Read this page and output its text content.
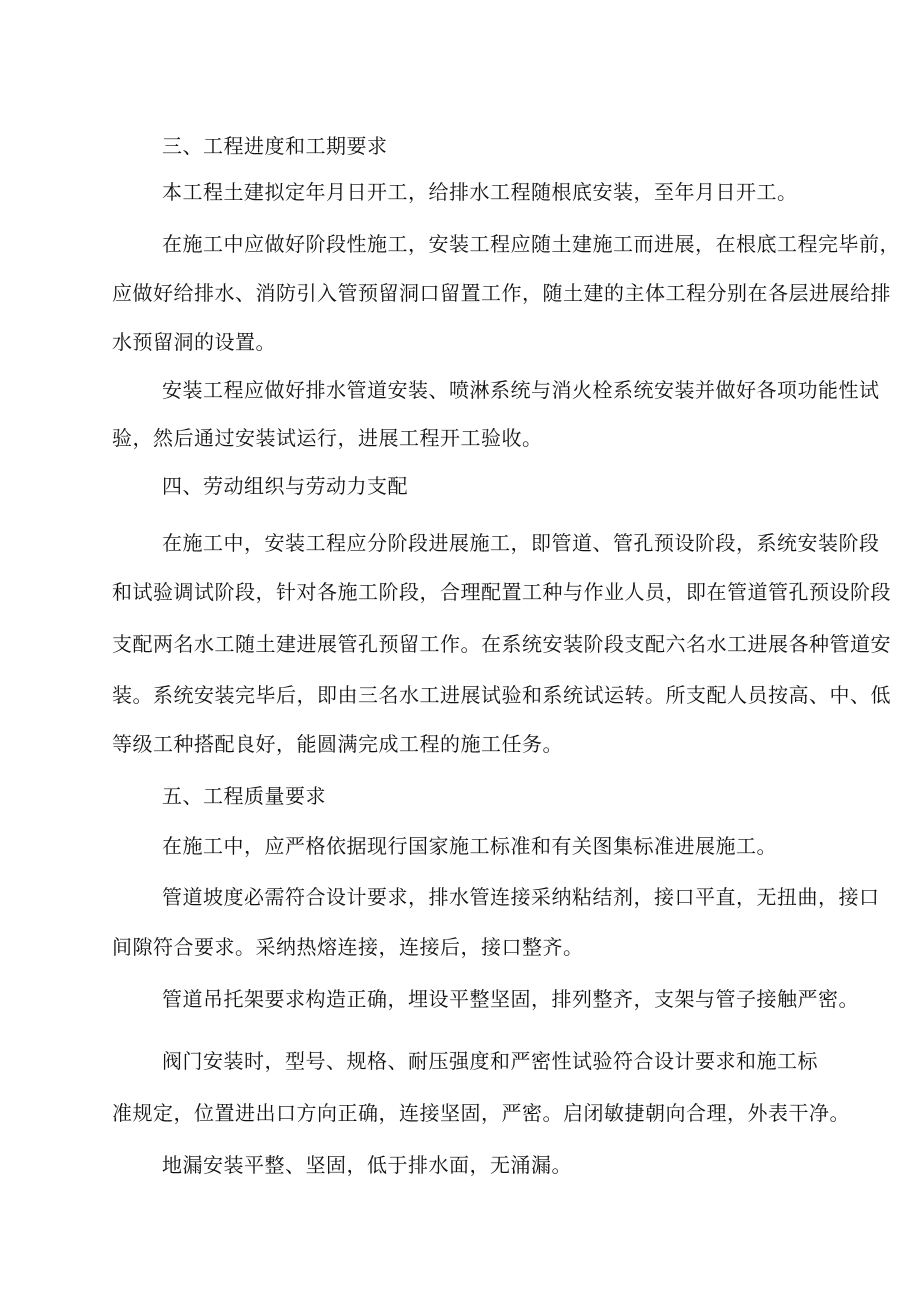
三、工程进度和工期要求
本工程土建拟定年月日开工，给排水工程随根底安装，至年月日开工。
在施工中应做好阶段性施工，安装工程应随土建施工而进展，在根底工程完毕前，
应做好给排水、消防引入管预留洞口留置工作，随土建的主体工程分别在各层进展给排
水预留洞的设置。
安装工程应做好排水管道安装、喷淋系统与消火栓系统安装并做好各项功能性试
验，然后通过安装试运行，进展工程开工验收。
四、劳动组织与劳动力支配
在施工中，安装工程应分阶段进展施工，即管道、管孔预设阶段，系统安装阶段
和试验调试阶段，针对各施工阶段，合理配置工种与作业人员，即在管道管孔预设阶段
支配两名水工随土建进展管孔预留工作。在系统安装阶段支配六名水工进展各种管道安
装。系统安装完毕后，即由三名水工进展试验和系统试运转。所支配人员按高、中、低
等级工种搭配良好，能圆满完成工程的施工任务。
五、工程质量要求
在施工中，应严格依据现行国家施工标准和有关图集标准进展施工。
管道坡度必需符合设计要求，排水管连接采纳粘结剂，接口平直，无扭曲，接口
间隙符合要求。采纳热熔连接，连接后，接口整齐。
管道吊托架要求构造正确，埋设平整坚固，排列整齐，支架与管子接触严密。
阀门安装时，型号、规格、耐压强度和严密性试验符合设计要求和施工标
准规定，位置进出口方向正确，连接坚固，严密。启闭敏捷朝向合理，外表干净。
地漏安装平整、坚固，低于排水面，无涌漏。
